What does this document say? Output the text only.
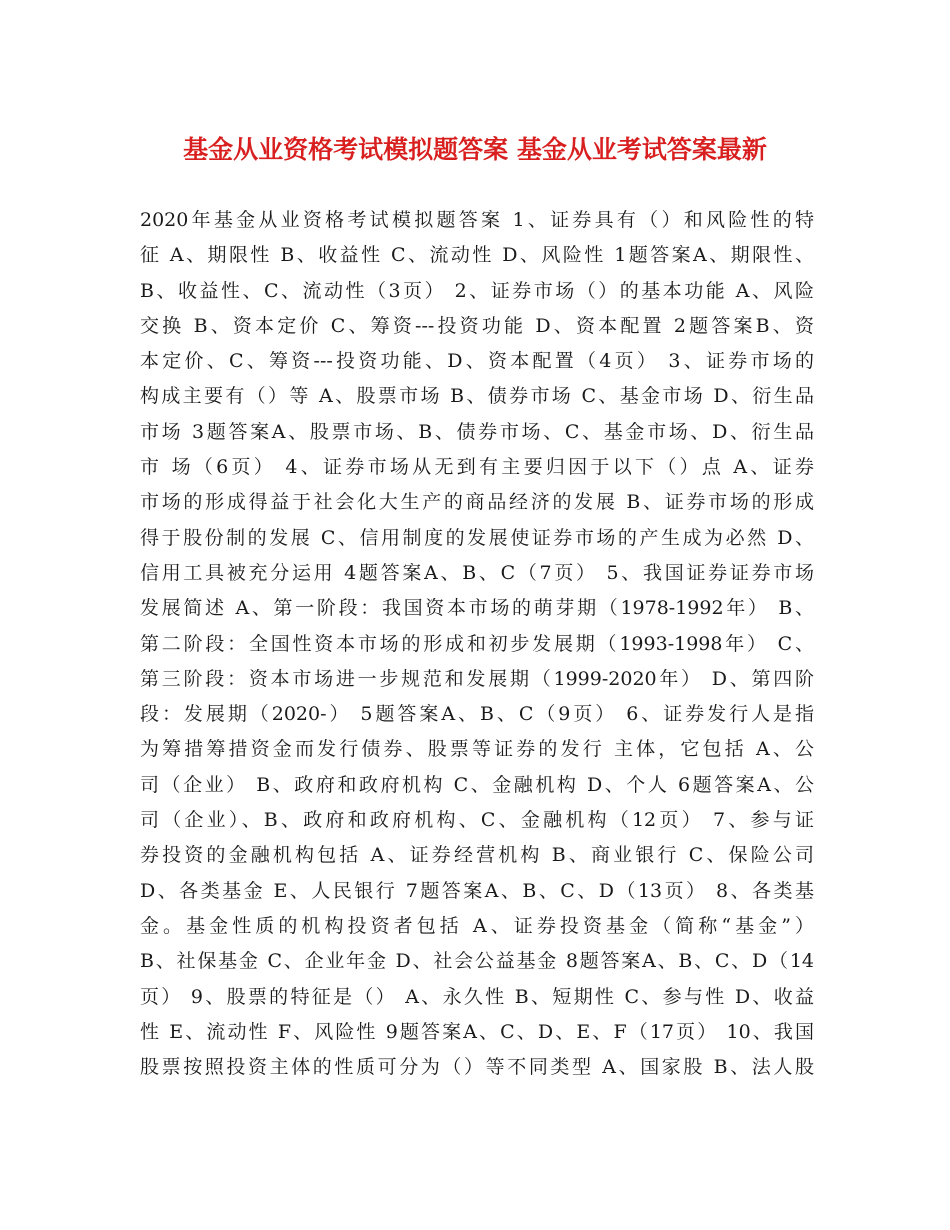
基金从业资格考试模拟题答案 基金从业考试答案最新
2020年基金从业资格考试模拟题答案 1、证券具有（）和风险性的特
征 A、期限性 B、收益性 C、流动性 D、风险性 1题答案A、期限性、
B、收益性、C、流动性（3页） 2、证券市场（）的基本功能 A、风险
交换 B、资本定价 C、筹资---投资功能 D、资本配置 2题答案B、资
本定价、C、筹资---投资功能、D、资本配置（4页） 3、证券市场的
构成主要有（）等 A、股票市场 B、债券市场 C、基金市场 D、衍生品
市场 3题答案A、股票市场、B、债券市场、C、基金市场、D、衍生品
市 场（6页） 4、证券市场从无到有主要归因于以下（）点 A、证券
市场的形成得益于社会化大生产的商品经济的发展 B、证券市场的形成
得于股份制的发展 C、信用制度的发展使证券市场的产生成为必然 D、
信用工具被充分运用 4题答案A、B、C（7页） 5、我国证券证券市场
发展简述 A、第一阶段：我国资本市场的萌芽期（1978-1992年） B、
第二阶段：全国性资本市场的形成和初步发展期（1993-1998年） C、
第三阶段：资本市场进一步规范和发展期（1999-2020年） D、第四阶
段：发展期（2020-） 5题答案A、B、C（9页） 6、证券发行人是指
为筹措筹措资金而发行债券、股票等证券的发行 主体，它包括 A、公
司（企业） B、政府和政府机构 C、金融机构 D、个人 6题答案A、公
司（企业）、B、政府和政府机构、C、金融机构（12页） 7、参与证
券投资的金融机构包括 A、证券经营机构 B、商业银行 C、保险公司
D、各类基金 E、人民银行 7题答案A、B、C、D（13页） 8、各类基
金。基金性质的机构投资者包括 A、证券投资基金（简称“基金”）
B、社保基金 C、企业年金 D、社会公益基金 8题答案A、B、C、D（14
页） 9、股票的特征是（） A、永久性 B、短期性 C、参与性 D、收益
性 E、流动性 F、风险性 9题答案A、C、D、E、F（17页） 10、我国
股票按照投资主体的性质可分为（）等不同类型 A、国家股 B、法人股
